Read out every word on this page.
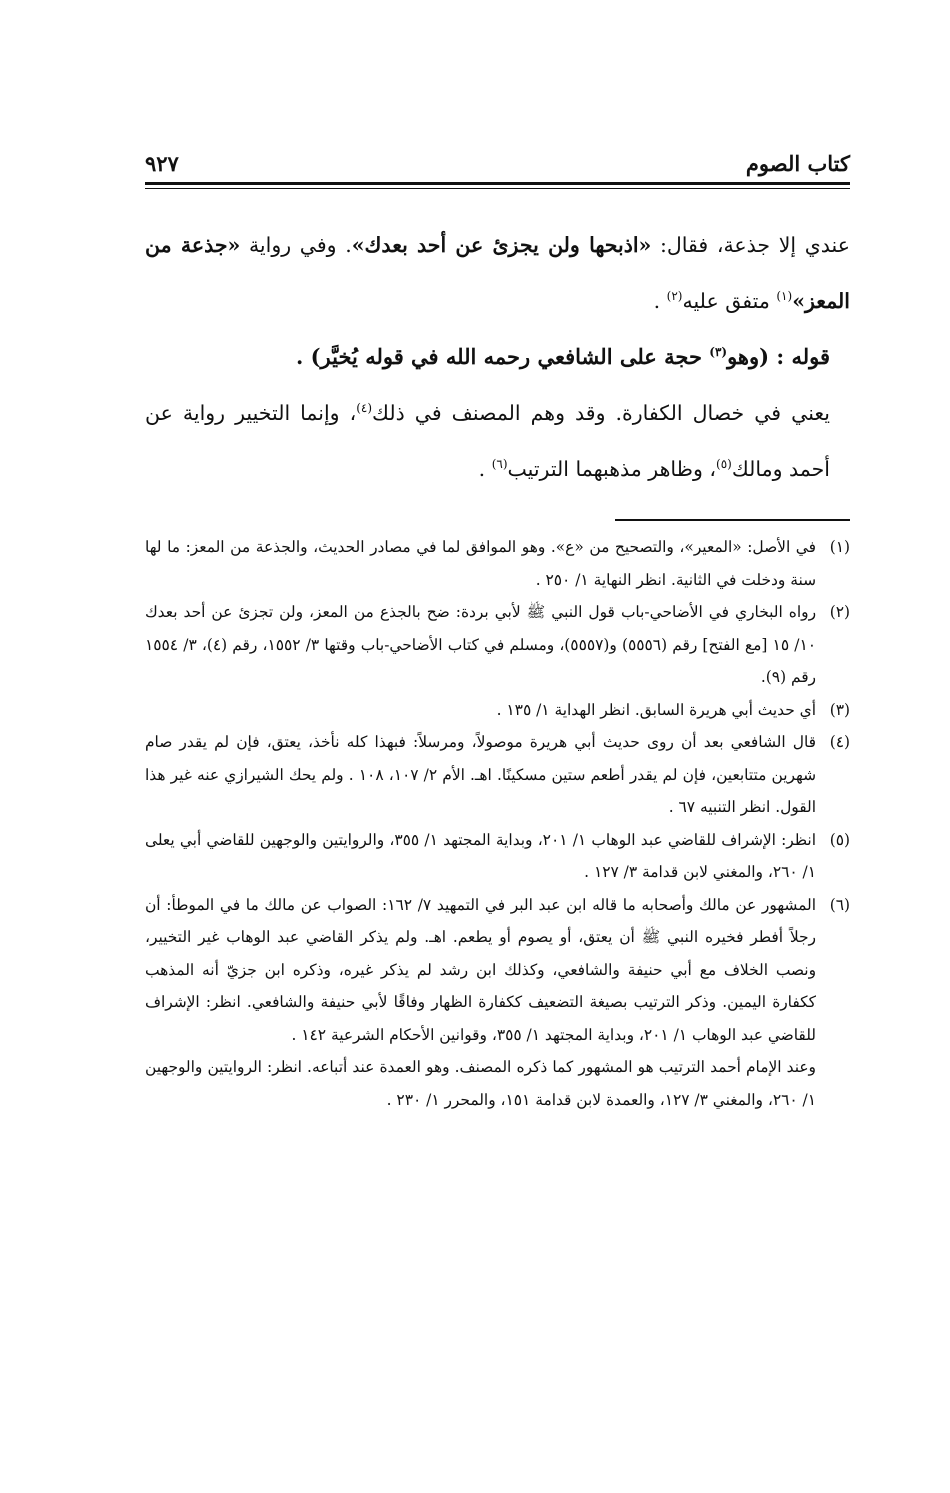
كتاب الصوم
٩٢٧

عندي إلا جذعة، فقال: «اذبحها ولن يجزئ عن أحد بعدك». وفي رواية «جذعة من المعز»$^{(١)}$ متفق عليه$^{(٢)}$ .

قوله : (وهو$^{(٣)}$ حجة على الشافعي رحمه الله في قوله يُخيَّر) .

يعني في خصال الكفارة. وقد وهم المصنف في ذلك$^{(٤)}$، وإنما التخيير رواية عن أحمد ومالك$^{(٥)}$، وظاهر مذهبهما الترتيب$^{(٦)}$ .

(١)
في الأصل: «المعير»، والتصحيح من «ع». وهو الموافق لما في مصادر الحديث، والجذعة من المعز: ما لها سنة ودخلت في الثانية. انظر النهاية ١/ ٢٥٠ .
(٢)
رواه البخاري في الأضاحي-باب قول النبي ﷺ لأبي بردة: ضح بالجذع من المعز، ولن تجزئ عن أحد بعدك ١٠/ ١٥ [مع الفتح] رقم (٥٥٥٦) و(٥٥٥٧)، ومسلم في كتاب الأضاحي-باب وقتها ٣/ ١٥٥٢، رقم (٤)، ٣/ ١٥٥٤ رقم (٩).
(٣)
أي حديث أبي هريرة السابق. انظر الهداية ١/ ١٣٥ .
(٤)
قال الشافعي بعد أن روى حديث أبي هريرة موصولاً، ومرسلاً: فبهذا كله نأخذ، يعتق، فإن لم يقدر صام شهرين متتابعين، فإن لم يقدر أطعم ستين مسكينًا. اهـ. الأم ٢/ ١٠٧، ١٠٨ . ولم يحك الشيرازي عنه غير هذا القول. انظر التنبيه ٦٧ .
(٥)
انظر: الإشراف للقاضي عبد الوهاب ١/ ٢٠١، وبداية المجتهد ١/ ٣٥٥، والروايتين والوجهين للقاضي أبي يعلى ١/ ٢٦٠، والمغني لابن قدامة ٣/ ١٢٧ .
(٦)
المشهور عن مالك وأصحابه ما قاله ابن عبد البر في التمهيد ٧/ ١٦٢: الصواب عن مالك ما في الموطأ: أن رجلاً أفطر فخيره النبي ﷺ أن يعتق، أو يصوم أو يطعم. اهـ. ولم يذكر القاضي عبد الوهاب غير التخيير، ونصب الخلاف مع أبي حنيفة والشافعي، وكذلك ابن رشد لم يذكر غيره، وذكره ابن جزيّ أنه المذهب ككفارة اليمين. وذكر الترتيب بصيغة التضعيف ككفارة الظهار وفاقًا لأبي حنيفة والشافعي. انظر: الإشراف للقاضي عبد الوهاب ١/ ٢٠١، وبداية المجتهد ١/ ٣٥٥، وقوانين الأحكام الشرعية ١٤٢ .
وعند الإمام أحمد الترتيب هو المشهور كما ذكره المصنف. وهو العمدة عند أتباعه. انظر: الروايتين والوجهين ١/ ٢٦٠، والمغني ٣/ ١٢٧، والعمدة لابن قدامة ١٥١، والمحرر ١/ ٢٣٠ .
